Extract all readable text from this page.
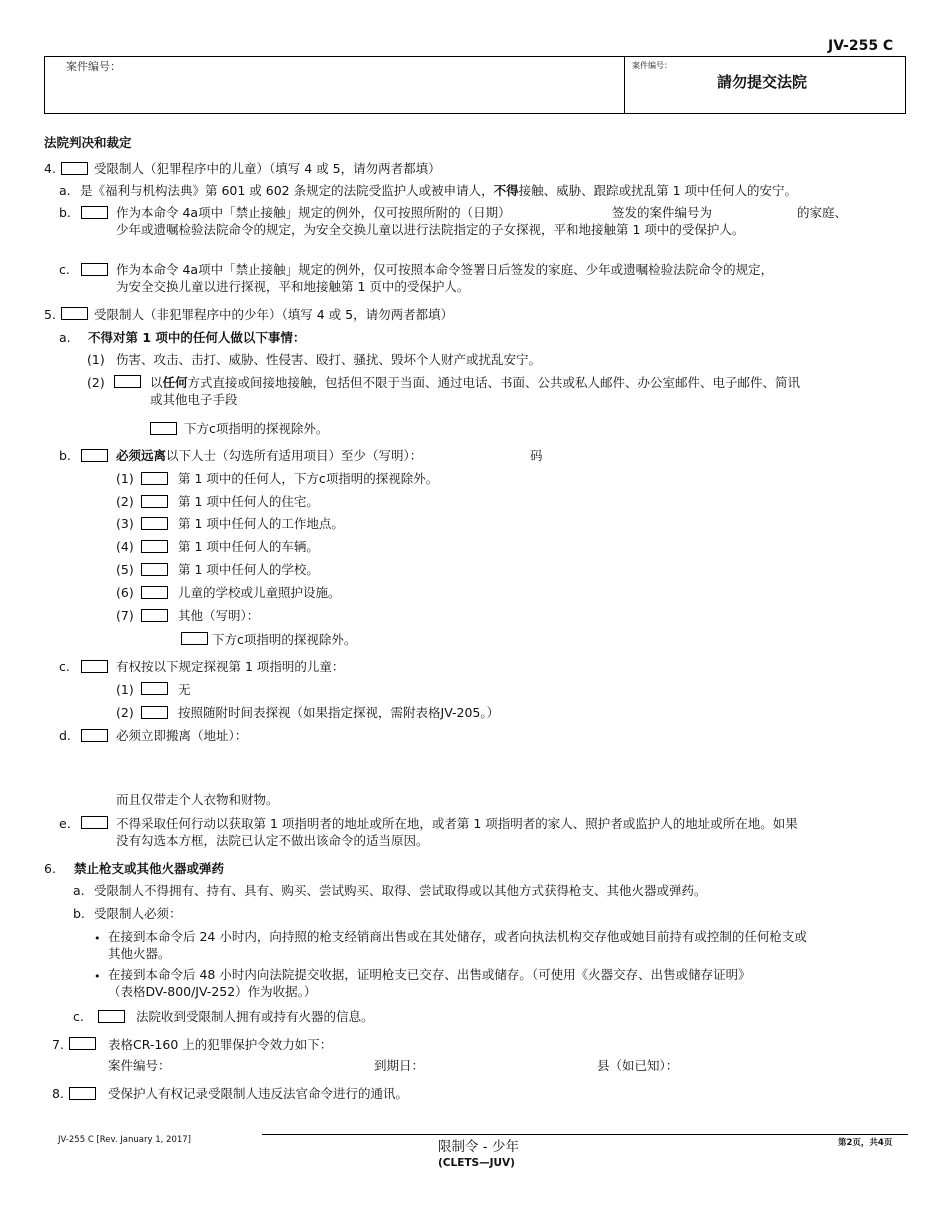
JV-255 C
案件编号：	案件编号：
請勿提交法院
法院判决和裁定
4.	受限制人（犯罪程序中的儿童）（填写 4 或 5，请勿两者都填）
a. 是《福利与机构法典》第 601 或 602 条规定的法院受监护人或被申请人，不得接触、威胁、跟踪或扰乱第 1 项中任何人的安宁。
b.	作为本命令 4a项中「禁止接触」规定的例外，仅可按照所附的（日期）	签发的案件编号为	的家庭、
少年或遗嘱检验法院命令的规定，为安全交换儿童以进行法院指定的子女探视，平和地接触第 1 项中的受保护人。
c.	作为本命令 4a项中「禁止接触」规定的例外，仅可按照本命令签署日后签发的家庭、少年或遗嘱检验法院命令的规定，
为安全交换儿童以进行探视，平和地接触第 1 页中的受保护人。
5.	受限制人（非犯罪程序中的少年）（填写 4 或 5，请勿两者都填）
a. 不得对第 1 项中的任何人做以下事情：
(1) 伤害、攻击、击打、威胁、性侵害、殴打、骚扰、毁坏个人财产或扰乱安宁。
(2)	以任何方式直接或间接地接触，包括但不限于当面、通过电话、书面、公共或私人邮件、办公室邮件、电子邮件、简讯
或其他电子手段
下方c项指明的探视除外。
b.	必须远离以下人士（勾选所有适用项目）至少（写明）：	码
(1)	第 1 项中的任何人，下方c项指明的探视除外。
(2)	第 1 项中任何人的住宅。
(3)	第 1 项中任何人的工作地点。
(4)	第 1 项中任何人的车辆。
(5)	第 1 项中任何人的学校。
(6)	儿童的学校或儿童照护设施。
(7)	其他（写明）：
下方c项指明的探视除外。
c.	有权按以下规定探视第 1 项指明的儿童：
(1)	无
(2)	按照随附时间表探视（如果指定探视，需附表格JV-205。）
d.	必须立即搬离（地址）：
而且仅带走个人衣物和财物。
e.	不得采取任何行动以获取第 1 项指明者的地址或所在地，或者第 1 项指明者的家人、照护者或监护人的地址或所在地。如果
没有勾选本方框，法院已认定不做出该命令的适当原因。
6. 禁止枪支或其他火器或弹药
a. 受限制人不得拥有、持有、具有、购买、尝试购买、取得、尝试取得或以其他方式获得枪支、其他火器或弹药。
b. 受限制人必须：
• 在接到本命令后 24 小时内，向持照的枪支经销商出售或在其处储存，或者向执法机构交存他或她目前持有或控制的任何枪支或
其他火器。
• 在接到本命令后 48 小时内向法院提交收据，证明枪支已交存、出售或储存。（可使用《火器交存、出售或储存证明》
（表格DV-800/JV-252）作为收据。）
c.	法院收到受限制人拥有或持有火器的信息。
7.	表格CR-160 上的犯罪保护令效力如下：
案件编号：	到期日：	县（如已知）：
8.	受保护人有权记录受限制人违反法官命令进行的通讯。
JV-255 C [Rev. January 1, 2017]	限制令 - 少年
(CLETS—JUV)
第2页，共4页
